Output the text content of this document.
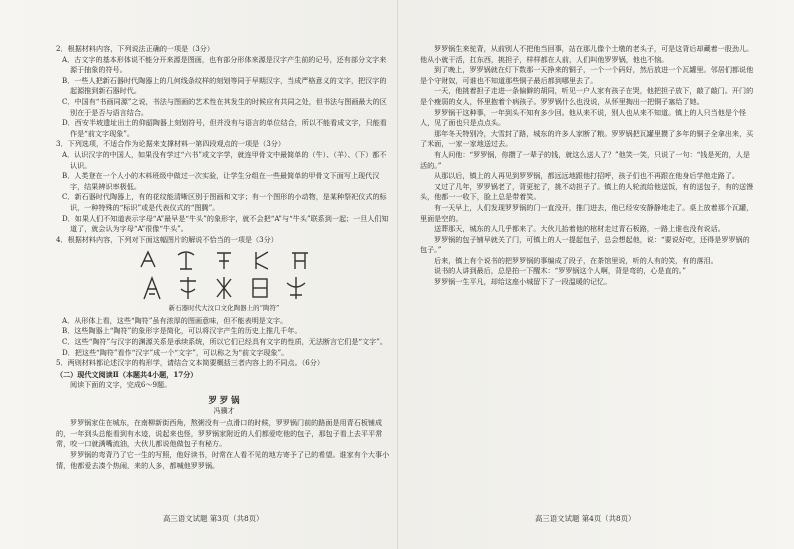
2．根据材料内容，下列说法正确的一项是（3分）

A．古文字的基本形体说不能分开来源是图画，也有部分形体来源是汉字产生前的记号，还有部分文字来源于抽象的符号。

B．一些人把新石器时代陶器上的几何线条纹样的刻划等同于早期汉字，当成严格意义的文字，把汉字的起源推到新石器时代。

C．中国有“书画同源”之说，书法与图画的艺术性在其发生的时候应有共同之处，但书法与图画最大的区别在于是否与语言结合。

D．西安半坡遗址出土的仰韶陶器上刻划符号，但并没有与语言的单位结合，所以不能看成文字，只能看作是“前文字现象”。

3．下列选项，不适合作为论据来支撑材料一第四段观点的一项是（3分）

A．认识汉字的中国人，如果没有学过“六书”或文字学，就连甲骨文中最简单的（牛）、（羊）、（下）都不认识。

B．人类登在一个人小的木料班级中做过一次实验，让学生分组在一些最简单的甲骨文下面写上现代汉字，结果辨识率极低。

C．新石器时代陶器上，有的花纹能清晰区别于图画和文字；有一个图形的小动物，是某种祭祀仪式的标识，一种特殊的“标识”或是代表仪式的“图腾”。

D．如果人们不知道表示字母“A”最早是“牛头”的象形字，就不会把“A”与“牛头”联系到一起；一旦人们知道了，就会认为字母“A”很像“牛头”。

4．根据材料内容，下列对下面这幅图片的解说不恰当的一项是（3分）

新石器时代大汶口文化陶器上的“陶符”

A．从形体上看，这些“陶符”虽有浓厚的图画意味，但不能表明是文字。

B．这些陶器上“陶符”的象形字是简化，可以将汉字产生的历史上推几千年。

C．这些“陶符”与汉字的渊源关系是承续系统，所以它们已经具有文字的性质，无法断言它们是“文字”。

D．把这些“陶符”看作“汉字”成一个“文字”，可以称之为“前文字现象”。

5．两则材料都论述汉字的构形学，请结合文本简要概括三者内容上的不同点。（6分）

（二）现代文阅读Ⅱ（本题共4小题，17分）

阅读下面的文字，完成6～9题。

罗 罗 锅

冯骥才

罗罗锅家住在城东，在南柳新街西角，熬粥没有一点滑口的时候，罗罗锅门前的路面是用青石板铺成的，一年到头总能看到有水迹，说起来也怪，罗罗锅家附近的人们都爱吃他的包子，那包子看上去平平常常，咬一口就满嘴流油，大伙儿都说他做包子有秘方。

罗罗锅的弯背乃了它一生的写照，他好读书，时常在人看不见的地方寄予了已的希望。谁家有个大事小情，他都爱去凑个热闹，来的人多，都喊他罗罗锅。

罗罗锅生来驼背，从前别人不把他当回事，站在那儿像个土墩的老头子，可是这背后却藏着一股劲儿。他从小就干活，扛东西，挑担子，样样都在人前，人们叫他罗罗锅，他也不恼。

到了晚上，罗罗锅就在灯下数那一天挣来的铜子，一个一个码好，然后放进一个瓦罐里。邻居们都说他是个守财奴，可谁也不知道那些铜子最后都到哪里去了。

一天，他挑着担子走进一条偏僻的胡同，听见一户人家有孩子在哭，他把担子放下，敲了敲门。开门的是个瘦弱的女人，怀里抱着个病孩子。罗罗锅什么也没说，从怀里掏出一把铜子塞给了她。

罗罗锅干这种事，一年到头不知有多少回。他从来不说，别人也从来不知道。镇上的人只当他是个怪人，见了面也只是点点头。

那年冬天特别冷，大雪封了路，城东的许多人家断了粮。罗罗锅把瓦罐里攒了多年的铜子全拿出来，买了米面，一家一家地送过去。

有人问他：“罗罗锅，你攒了一辈子的钱，就这么送人了？”他笑一笑，只说了一句：“钱是死的，人是活的。”

从那以后，镇上的人再见到罗罗锅，都远远地跟他打招呼，孩子们也不再跟在他身后学他走路了。

又过了几年，罗罗锅老了，背更驼了，挑不动担子了。镇上的人轮流给他送饭，有的送包子，有的送馒头，他都一一收下，脸上总是带着笑。

有一天早上，人们发现罗罗锅的门一直没开，推门进去，他已经安安静静地走了。桌上放着那个瓦罐，里面是空的。

送葬那天，城东的人几乎都来了。大伙儿抬着他的棺材走过青石板路，一路上谁也没有说话。

罗罗锅的包子铺早就关了门，可镇上的人一提起包子，总会想起他，说：“要说好吃，还得是罗罗锅的包子。”

后来，镇上有个说书的把罗罗锅的事编成了段子，在茶馆里说，听的人有的笑，有的落泪。

说书的人讲到最后，总是拍一下醒木：“罗罗锅这个人啊，背是弯的，心是直的。”

罗罗锅一生平凡，却给这座小城留下了一段温暖的记忆。

高三语文试题 第3页（共8页）	高三语文试题 第4页（共8页）
